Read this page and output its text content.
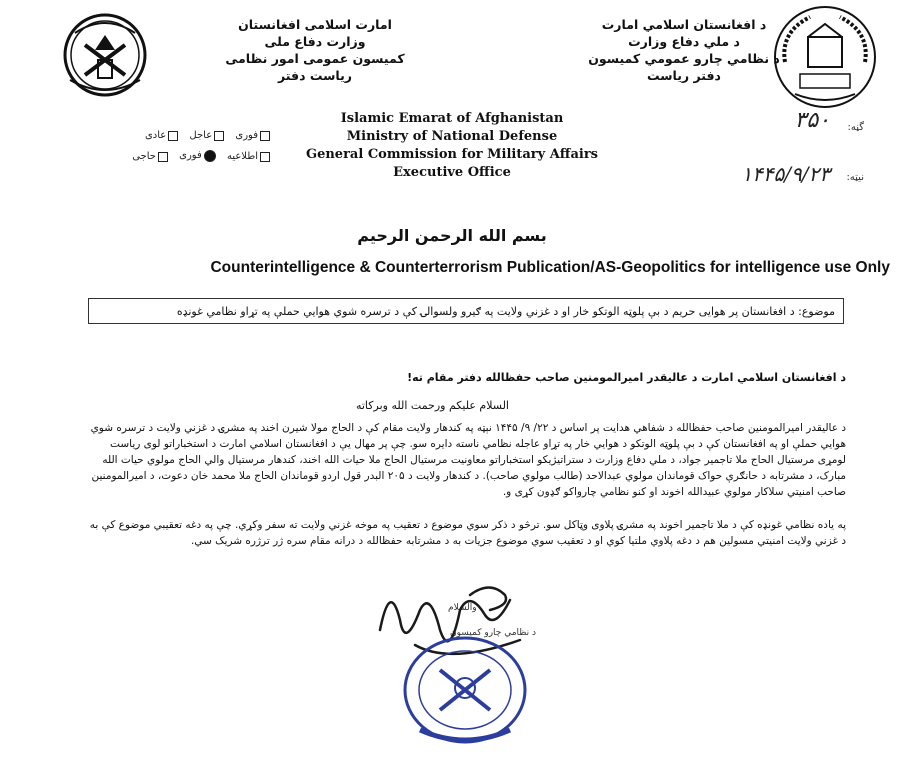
د افغانستان اسلامي امارت
د ملي دفاع وزارت
د نظامي چارو عمومي کمیسون
دفتر ریاست
امارت اسلامی افغانستان
وزارت دفاع ملی
کمیسون عمومی امور نظامی
ریاست دفتر
Islamic Emarat of Afghanistan
Ministry of National Defense
General Commission for Military Affairs
Executive Office
گڼه:
۳۵۰
نیټه:
۱۴۴۵/۹/۲۳
فوری

عاجل

عادی
اطلاعیه

فوری

حاجی
بسم الله الرحمن الرحیم
Counterintelligence & Counterterrorism Publication/AS-Geopolitics for intelligence use Only
موضوع: د افغانستان پر هوایی حریم د بې پلوټه الوتکو خار او د غزني ولایت په ګیرو ولسوالۍ کې د ترسره شوي هوایي حملې په تړاو نظامي غونډه
د افغانستان اسلامي امارت د عالیقدر امیرالمومنین صاحب حفظالله دفتر مقام ته!
السلام علیکم ورحمت الله وبرکاته
د عالیقدر امیرالمومنین صاحب حفظالله د شفاهي هدایت پر اساس د ۲۲/ ۹/ ۱۴۴۵ نېټه په کندهار ولایت مقام کې د الحاج مولا شیرن اخند په مشرۍ د غزني ولایت د ترسره شوي هوايي حملې او په افغانستان کې د بې پلوټه الوتکو د هوایي خار په تړاو عاجله نظامي ناسته دایره سو. چې پر مهال یې د افغانستان اسلامي امارت د استخباراتو لوی ریاست لومړی مرستیال الحاج ملا تاجمیر جواد، د ملي دفاع وزارت د ستراتیژیکو استخباراتو معاونیت مرستیال الحاج ملا حیات الله اخند، کندهار مرستیال والي الحاج مولوي حیات الله مبارک، د مشرتابه د حانګرې حواک قوماندان مولوي عبدالاحد (طالب مولوي صاحب). د کندهار ولایت د ۲۰۵ البدر قول اردو قوماندان الحاج ملا محمد خان دعوت، د امیرالمومنین صاحب امنیتي سلاکار مولوي عبیدالله اخوند او کنو نظامي چارواکو ګډون کړی و.
په یاده نظامي غونډه کې د ملا تاجمیر اخوند په مشرۍ پلاوی وټاکل سو. ترڅو د ذکر سوي موضوع د تعقیب په موخه غزني ولایت ته سفر وکړي. چې په دغه تعقیبي موضوع کې به د غزني ولایت امنیتي مسولین هم د دغه پلاوي ملتیا کوي او د تعقیب سوي موضوع جزیات به د مشرتابه حفظالله د درانه مقام سره ژر ترژره شریک سي.
والسلام
د نظامي چارو کمیسون
